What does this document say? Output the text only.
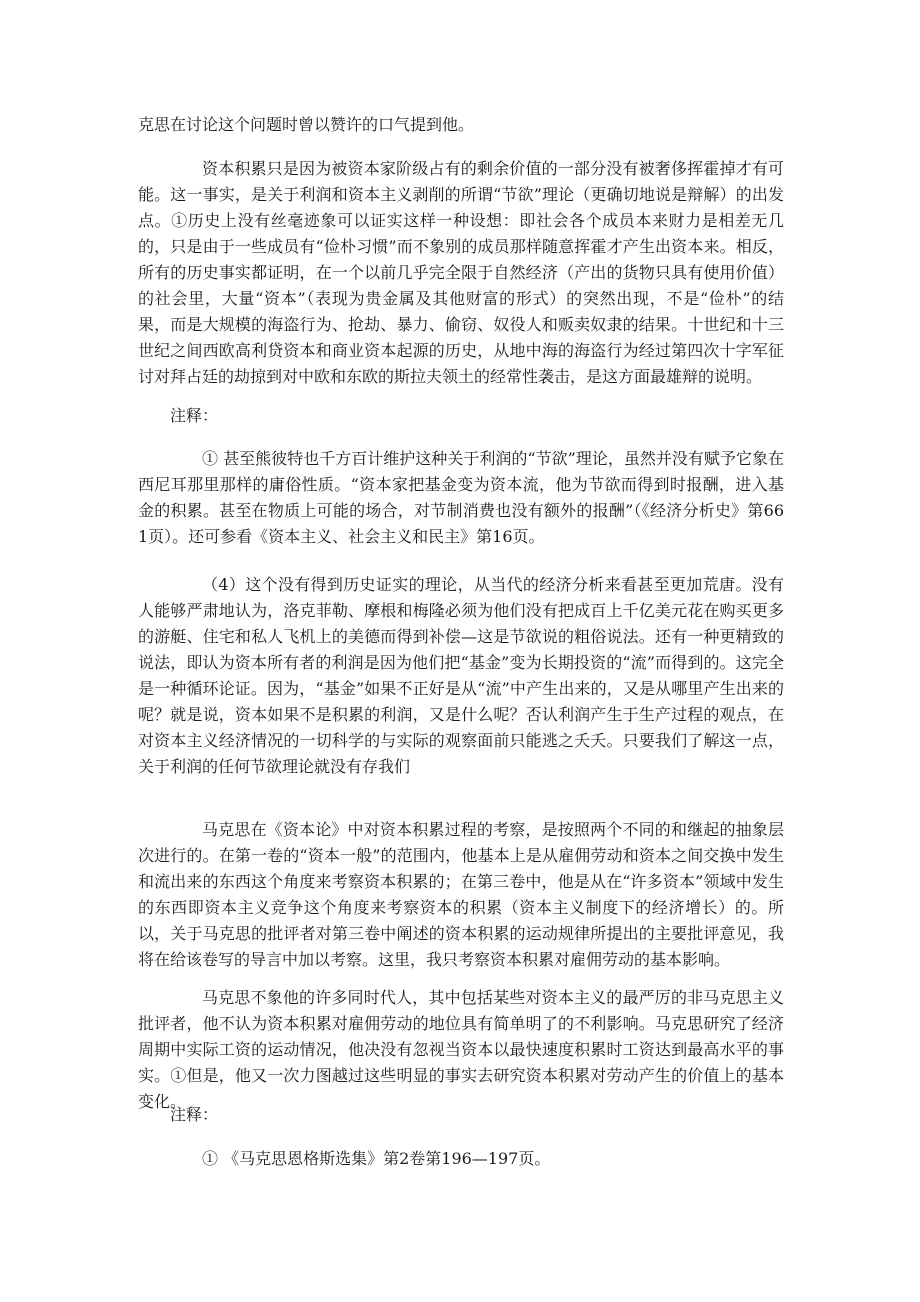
克思在讨论这个问题时曾以赞许的口气提到他。

资本积累只是因为被资本家阶级占有的剩余价值的一部分没有被奢侈挥霍掉才有可能。这一事实，是关于利润和资本主义剥削的所谓“节欲”理论（更确切地说是辩解）的出发点。①历史上没有丝毫迹象可以证实这样一种设想：即社会各个成员本来财力是相差无几的，只是由于一些成员有“俭朴习惯”而不象别的成员那样随意挥霍才产生出资本来。相反，所有的历史事实都证明，在一个以前几乎完全限于自然经济（产出的货物只具有使用价值）的社会里，大量“资本”（表现为贵金属及其他财富的形式）的突然出现，不是“俭朴”的结果，而是大规模的海盗行为、抢劫、暴力、偷窃、奴役人和贩卖奴隶的结果。十世纪和十三世纪之间西欧高利贷资本和商业资本起源的历史，从地中海的海盗行为经过第四次十字军征讨对拜占廷的劫掠到对中欧和东欧的斯拉夫领土的经常性袭击，是这方面最雄辩的说明。

注释：

① 甚至熊彼特也千方百计维护这种关于利润的“节欲”理论，虽然并没有赋予它象在西尼耳那里那样的庸俗性质。“资本家把基金变为资本流，他为节欲而得到时报酬，进入基金的积累。甚至在物质上可能的场合，对节制消费也没有额外的报酬”（《经济分析史》第661页）。还可参看《资本主义、社会主义和民主》第16页。

（4）这个没有得到历史证实的理论，从当代的经济分析来看甚至更加荒唐。没有人能够严肃地认为，洛克菲勒、摩根和梅隆必须为他们没有把成百上千亿美元花在购买更多的游艇、住宅和私人飞机上的美德而得到补偿—这是节欲说的粗俗说法。还有一种更精致的说法，即认为资本所有者的利润是因为他们把“基金”变为长期投资的“流”而得到的。这完全是一种循环论证。因为，“基金”如果不正好是从“流”中产生出来的，又是从哪里产生出来的呢？就是说，资本如果不是积累的利润，又是什么呢？否认利润产生于生产过程的观点，在对资本主义经济情况的一切科学的与实际的观察面前只能逃之夭夭。只要我们了解这一点，关于利润的任何节欲理论就没有存我们

马克思在《资本论》中对资本积累过程的考察，是按照两个不同的和继起的抽象层次进行的。在第一卷的“资本一般”的范围内，他基本上是从雇佣劳动和资本之间交换中发生和流出来的东西这个角度来考察资本积累的；在第三卷中，他是从在“许多资本”领域中发生的东西即资本主义竞争这个角度来考察资本的积累（资本主义制度下的经济增长）的。所以，关于马克思的批评者对第三卷中阐述的资本积累的运动规律所提出的主要批评意见，我将在给该卷写的导言中加以考察。这里，我只考察资本积累对雇佣劳动的基本影响。

马克思不象他的许多同时代人，其中包括某些对资本主义的最严厉的非马克思主义批评者，他不认为资本积累对雇佣劳动的地位具有简单明了的不利影响。马克思研究了经济周期中实际工资的运动情况，他决没有忽视当资本以最快速度积累时工资达到最高水平的事实。①但是，他又一次力图越过这些明显的事实去研究资本积累对劳动产生的价值上的基本变化。

注释：

① 《马克思恩格斯选集》第2卷第196—197页。
